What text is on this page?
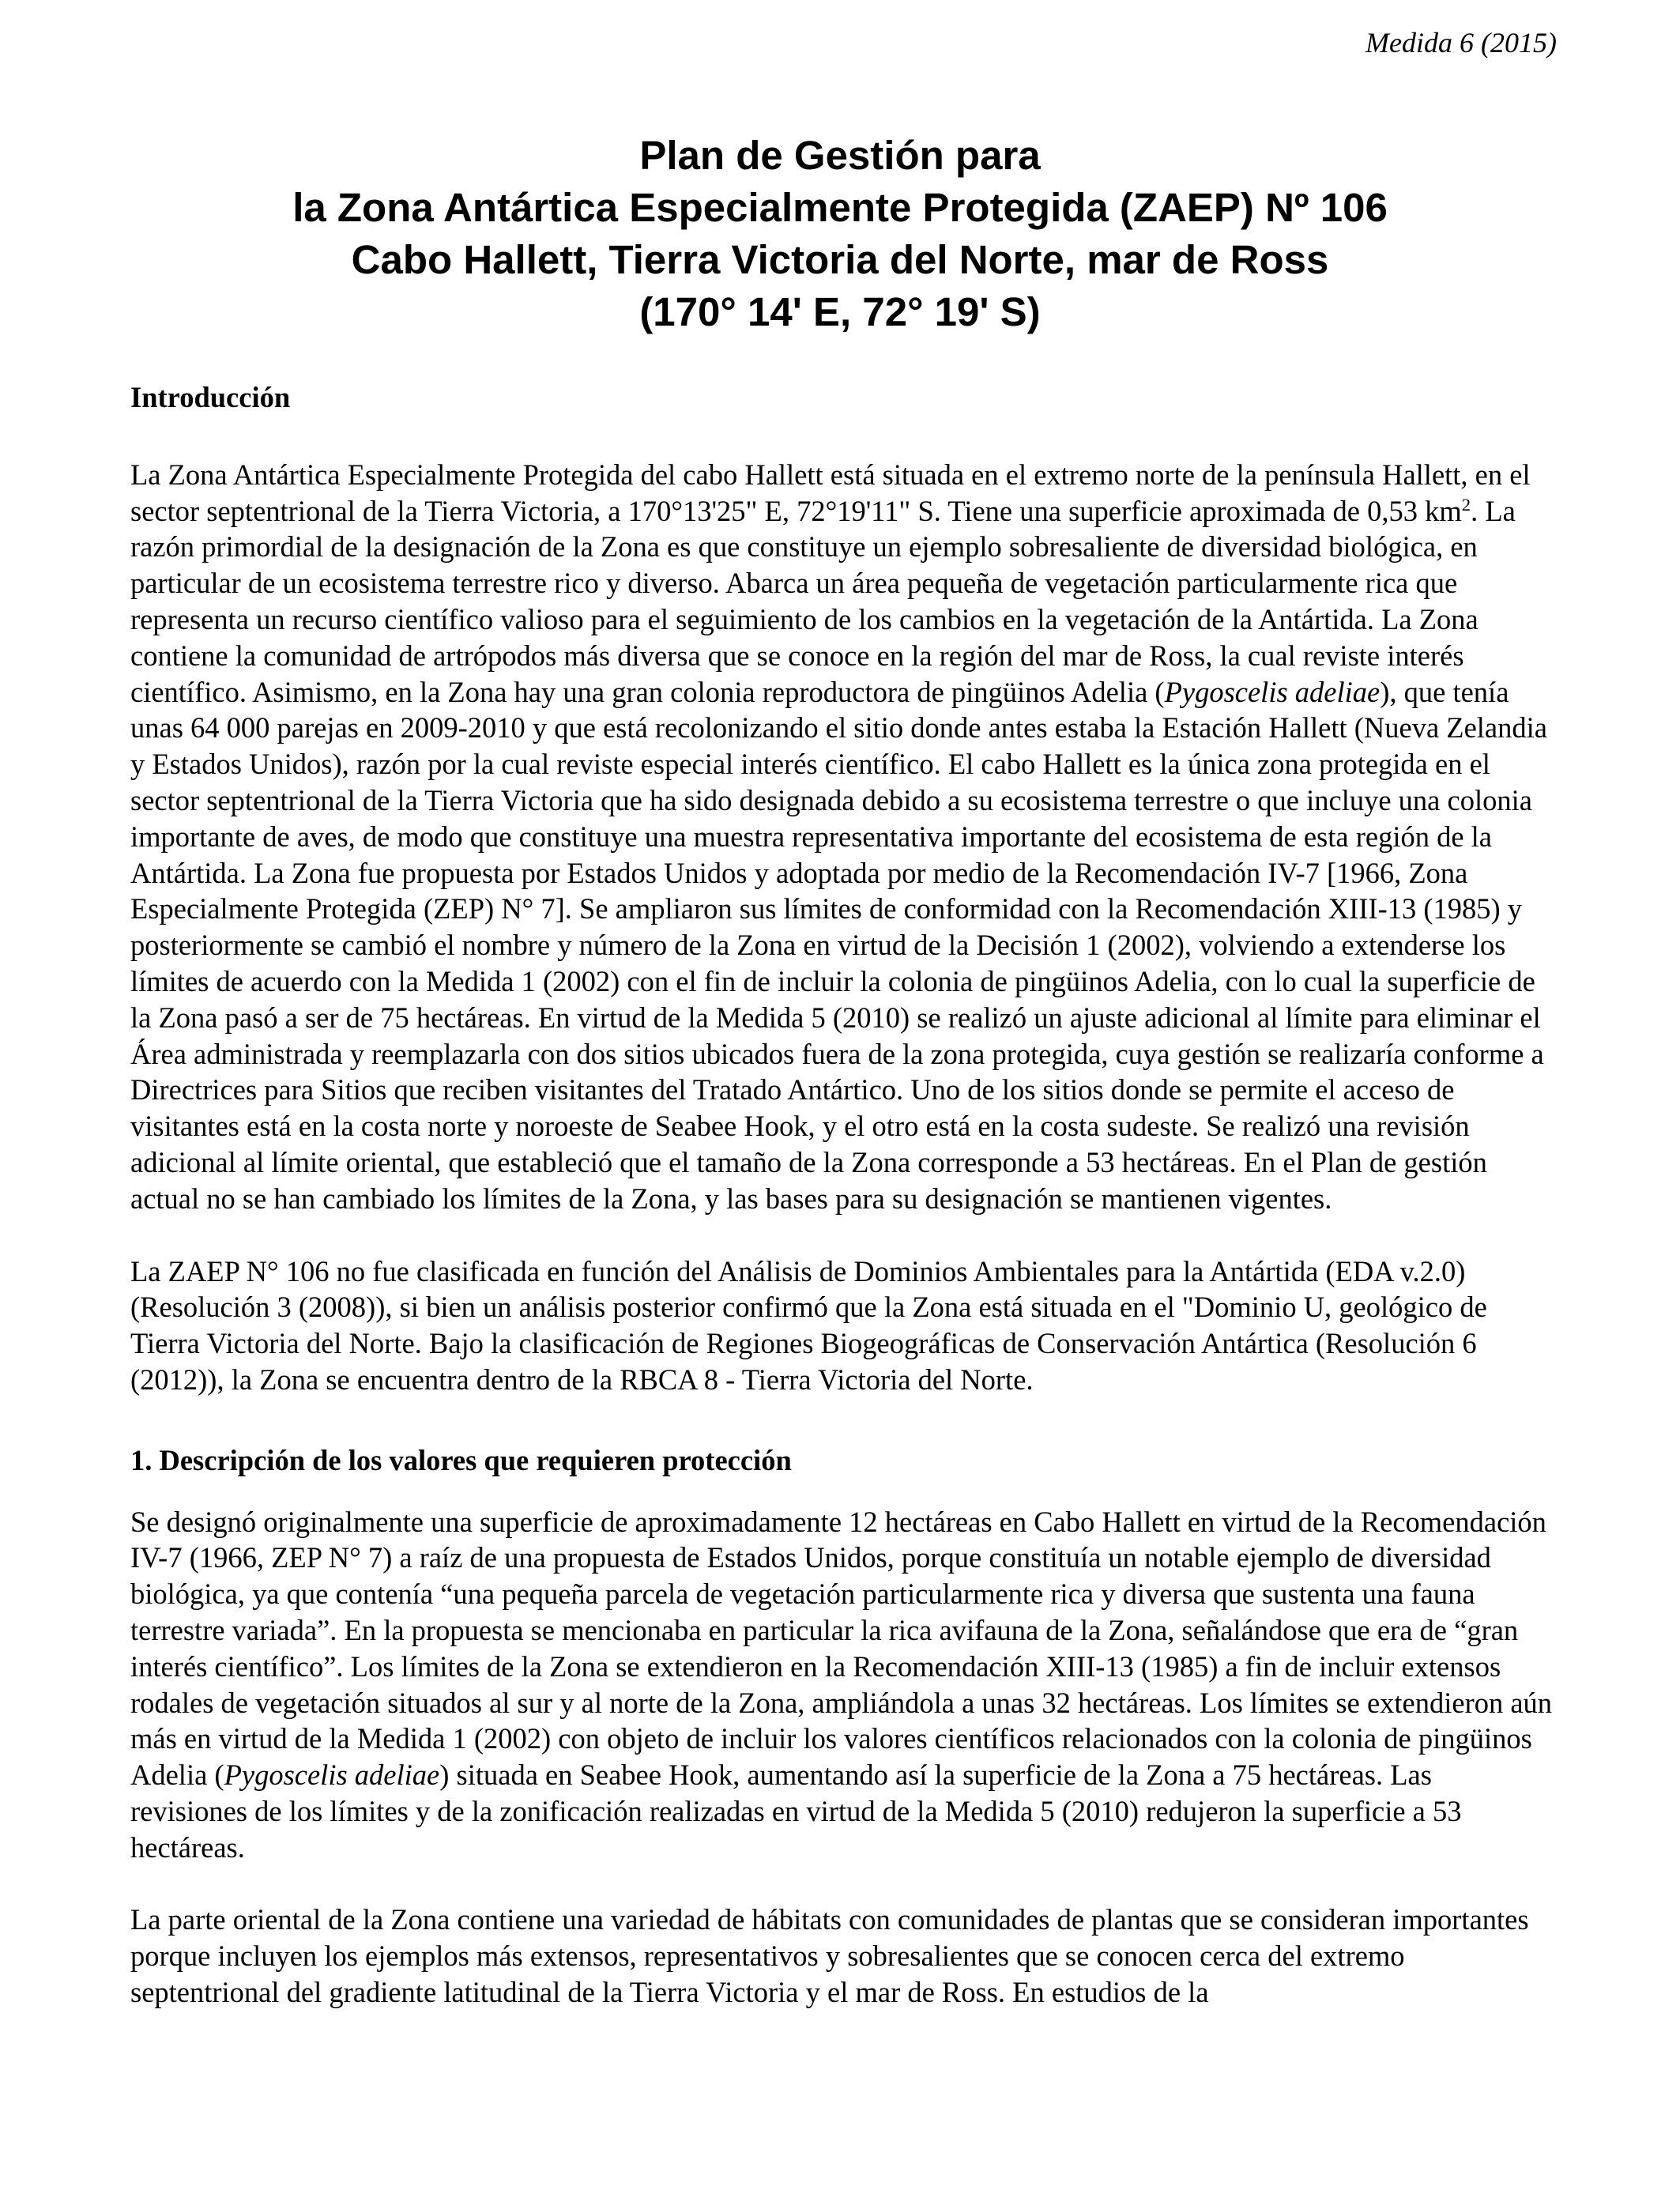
Medida 6 (2015)
Plan de Gestión para
la Zona Antártica Especialmente Protegida (ZAEP) Nº 106
Cabo Hallett, Tierra Victoria del Norte, mar de Ross
(170° 14' E, 72° 19' S)

Introducción

La Zona Antártica Especialmente Protegida del cabo Hallett está situada en el extremo norte de la península Hallett, en el sector septentrional de la Tierra Victoria, a 170°13'25" E, 72°19'11" S. Tiene una superficie aproximada de 0,53 $km^2$. La razón primordial de la designación de la Zona es que constituye un ejemplo sobresaliente de diversidad biológica, en particular de un ecosistema terrestre rico y diverso. Abarca un área pequeña de vegetación particularmente rica que representa un recurso científico valioso para el seguimiento de los cambios en la vegetación de la Antártida. La Zona contiene la comunidad de artrópodos más diversa que se conoce en la región del mar de Ross, la cual reviste interés científico. Asimismo, en la Zona hay una gran colonia reproductora de pingüinos Adelia (Pygoscelis adeliae), que tenía unas 64 000 parejas en 2009-2010 y que está recolonizando el sitio donde antes estaba la Estación Hallett (Nueva Zelandia y Estados Unidos), razón por la cual reviste especial interés científico. El cabo Hallett es la única zona protegida en el sector septentrional de la Tierra Victoria que ha sido designada debido a su ecosistema terrestre o que incluye una colonia importante de aves, de modo que constituye una muestra representativa importante del ecosistema de esta región de la Antártida. La Zona fue propuesta por Estados Unidos y adoptada por medio de la Recomendación IV-7 [1966, Zona Especialmente Protegida (ZEP) N° 7]. Se ampliaron sus límites de conformidad con la Recomendación XIII-13 (1985) y posteriormente se cambió el nombre y número de la Zona en virtud de la Decisión 1 (2002), volviendo a extenderse los límites de acuerdo con la Medida 1 (2002) con el fin de incluir la colonia de pingüinos Adelia, con lo cual la superficie de la Zona pasó a ser de 75 hectáreas. En virtud de la Medida 5 (2010) se realizó un ajuste adicional al límite para eliminar el Área administrada y reemplazarla con dos sitios ubicados fuera de la zona protegida, cuya gestión se realizaría conforme a Directrices para Sitios que reciben visitantes del Tratado Antártico. Uno de los sitios donde se permite el acceso de visitantes está en la costa norte y noroeste de Seabee Hook, y el otro está en la costa sudeste. Se realizó una revisión adicional al límite oriental, que estableció que el tamaño de la Zona corresponde a 53 hectáreas. En el Plan de gestión actual no se han cambiado los límites de la Zona, y las bases para su designación se mantienen vigentes.

La ZAEP N° 106 no fue clasificada en función del Análisis de Dominios Ambientales para la Antártida (EDA v.2.0) (Resolución 3 (2008)), si bien un análisis posterior confirmó que la Zona está situada en el "Dominio U, geológico de Tierra Victoria del Norte. Bajo la clasificación de Regiones Biogeográficas de Conservación Antártica (Resolución 6 (2012)), la Zona se encuentra dentro de la RBCA 8 - Tierra Victoria del Norte.

1. Descripción de los valores que requieren protección

Se designó originalmente una superficie de aproximadamente 12 hectáreas en Cabo Hallett en virtud de la Recomendación IV-7 (1966, ZEP N° 7) a raíz de una propuesta de Estados Unidos, porque constituía un notable ejemplo de diversidad biológica, ya que contenía “una pequeña parcela de vegetación particularmente rica y diversa que sustenta una fauna terrestre variada”. En la propuesta se mencionaba en particular la rica avifauna de la Zona, señalándose que era de “gran interés científico”. Los límites de la Zona se extendieron en la Recomendación XIII-13 (1985) a fin de incluir extensos rodales de vegetación situados al sur y al norte de la Zona, ampliándola a unas 32 hectáreas. Los límites se extendieron aún más en virtud de la Medida 1 (2002) con objeto de incluir los valores científicos relacionados con la colonia de pingüinos Adelia (Pygoscelis adeliae) situada en Seabee Hook, aumentando así la superficie de la Zona a 75 hectáreas. Las revisiones de los límites y de la zonificación realizadas en virtud de la Medida 5 (2010) redujeron la superficie a 53 hectáreas.

La parte oriental de la Zona contiene una variedad de hábitats con comunidades de plantas que se consideran importantes porque incluyen los ejemplos más extensos, representativos y sobresalientes que se conocen cerca del extremo septentrional del gradiente latitudinal de la Tierra Victoria y el mar de Ross. En estudios de la
